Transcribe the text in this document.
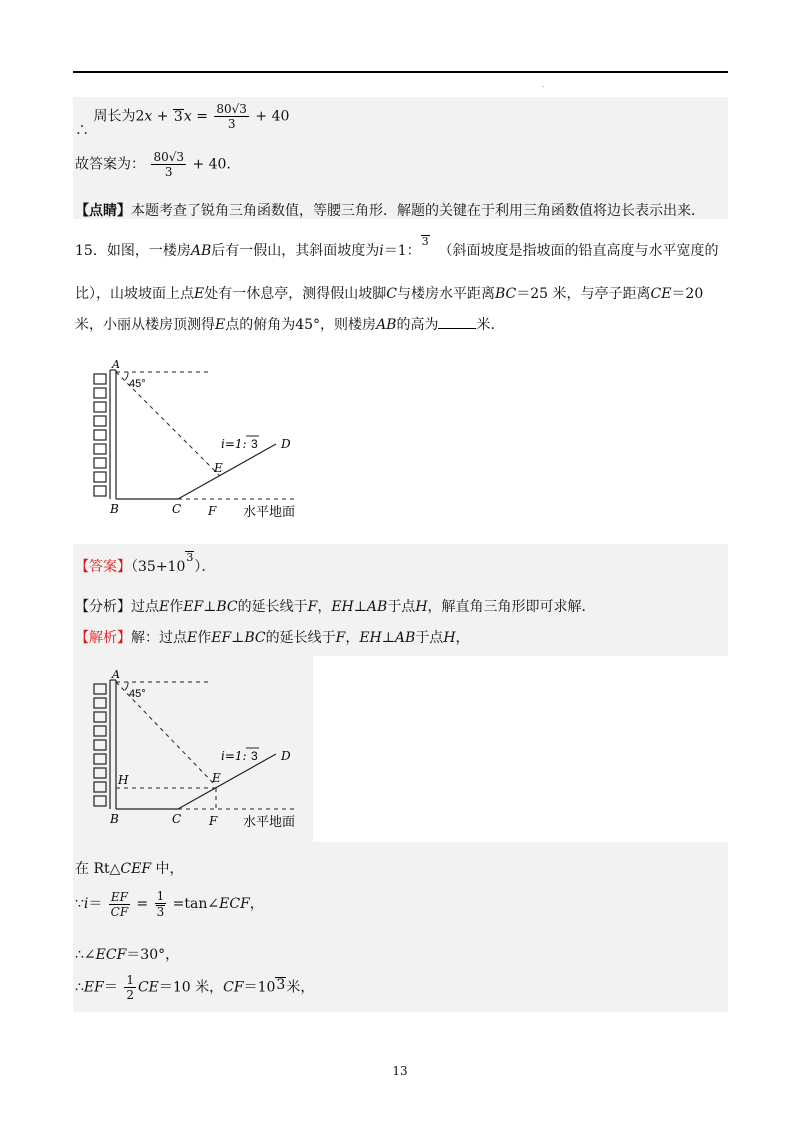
.
∴ 周长为$2x + 3x = \frac{80√3}{3} + 40$
故答案为： $\frac{80√3}{3} + 40$．
【点睛】本题考查了锐角三角函数值，等腰三角形．解题的关键在于利用三角函数值将边长表示出来．
15．如图，一楼房AB后有一假山，其斜面坡度为i＝1：3  （斜面坡度是指坡面的铅直高度与水平宽度的
比），山坡坡面上点E处有一休息亭，测得假山坡脚C与楼房水平距离BC＝25 米，与亭子距离CE＝20
米，小丽从楼房顶测得E点的俯角为45°，则楼房AB的高为	米．
A
45°
i=1: 3 D
E
B	C F 水平地面
【答案】（35+103）．
【分析】过点E作EF⊥BC的延长线于F，EH⊥AB于点H，解直角三角形即可求解．
【解析】解：过点E作EF⊥BC的延长线于F，EH⊥AB于点H，
A
45°
i=1: 3 D
E
H
B	C F 水平地面
在 Rt△CEF 中，
∵i＝ $\frac{EF}{CF} = \frac{1}{3}$ =tan∠ECF，
∴∠ECF＝30°，
∴EF＝ $\frac{1}{2} CE=10$ 米，CF＝103米，
13
